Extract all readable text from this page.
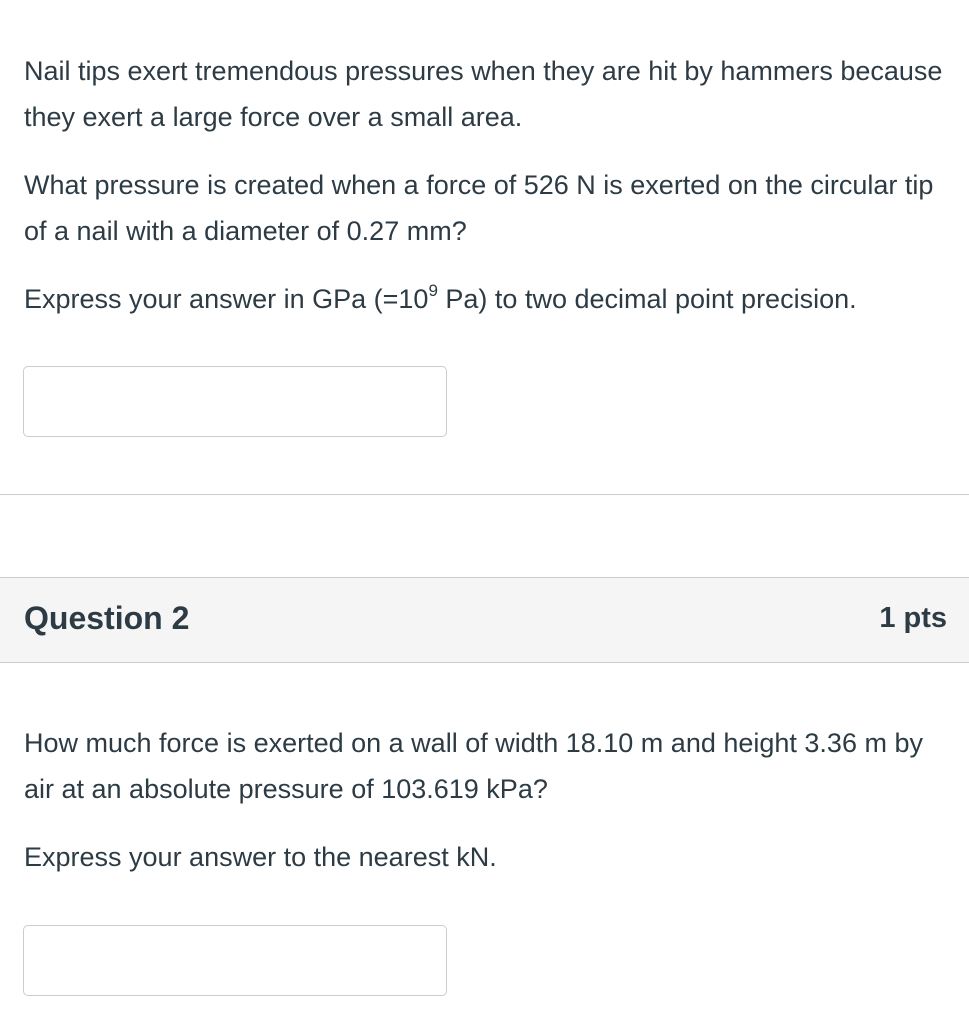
Nail tips exert tremendous pressures when they are hit by hammers because they exert a large force over a small area.

What pressure is created when a force of 526 N is exerted on the circular tip of a nail with a diameter of 0.27 mm?

Express your answer in GPa ($=10^9$ Pa) to two decimal point precision.

Question 2	1 pts

How much force is exerted on a wall of width 18.10 m and height 3.36 m by air at an absolute pressure of 103.619 kPa?

Express your answer to the nearest kN.
